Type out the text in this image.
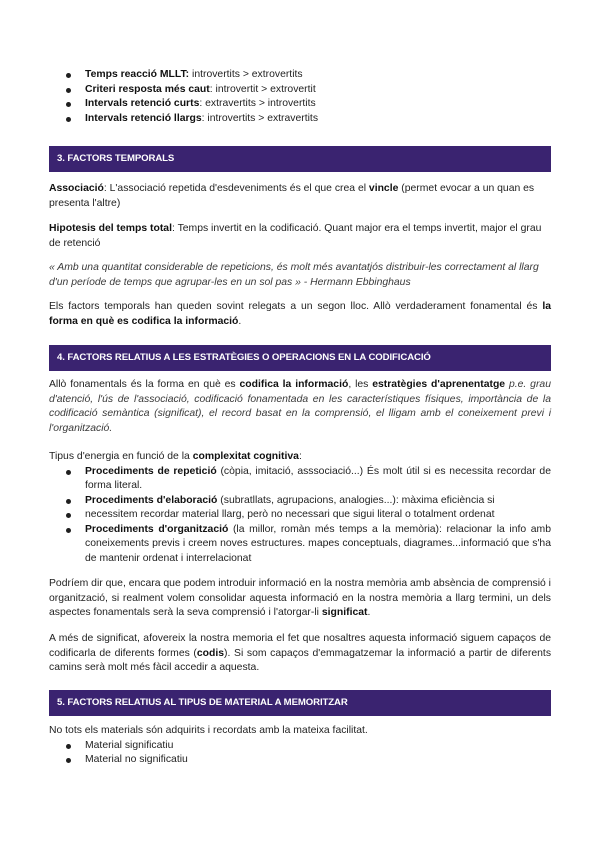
Temps reacció MLLT: introvertits > extrovertits
Criteri resposta més caut: introvertit > extrovertit
Intervals retenció curts: extravertits > introvertits
Intervals retenció llargs: introvertits > extravertits
3. FACTORS TEMPORALS

Associació: L'associació repetida d'esdeveniments és el que crea el vincle (permet evocar a un quan es presenta l'altre)

Hipotesis del temps total: Temps invertit en la codificació. Quant major era el temps invertit, major el grau de retenció

« Amb una quantitat considerable de repeticions, és molt més avantatjós distribuir-les correctament al llarg d'un període de temps que agrupar-les en un sol pas » - Hermann Ebbinghaus

Els factors temporals han queden sovint relegats a un segon lloc. Allò verdaderament fonamental és la forma en què es codifica la informació.

4. FACTORS RELATIUS A LES ESTRATÈGIES O OPERACIONS EN LA CODIFICACIÓ

Allò fonamentals és la forma en què es codifica la informació, les estratègies d'aprenentatge p.e. grau d'atenció, l'ús de l'associació, codificació fonamentada en les característiques físiques, importància de la codificació semàntica (significat), el record basat en la comprensió, el lligam amb el coneixement previ i l'organització.

Tipus d'energia en funció de la complexitat cognitiva:

Procediments de repetició (còpia, imitació, asssociació...) És molt útil si es necessita recordar de forma literal.
Procediments d'elaboració (subratllats, agrupacions, analogies...): màxima eficiència si
necessitem recordar material llarg, però no necessari que sigui literal o totalment ordenat
Procediments d'organització (la millor, romàn més temps a la memòria): relacionar la info amb coneixements previs i creem noves estructures. mapes conceptuals, diagrames...informació que s'ha de mantenir ordenat i interrelacionat

Podríem dir que, encara que podem introduir informació en la nostra memòria amb absència de comprensió i organització, si realment volem consolidar aquesta informació en la nostra memòria a llarg termini, un dels aspectes fonamentals serà la seva comprensió i l'atorgar-li significat.

A més de significat, afovereix la nostra memoria el fet que nosaltres aquesta informació siguem capaços de codificarla de diferents formes (codis). Si som capaços d'emmagatzemar la informació a partir de diferents camins serà molt més fàcil accedir a aquesta.

5. FACTORS RELATIUS AL TIPUS DE MATERIAL A MEMORITZAR

No tots els materials són adquirits i recordats amb la mateixa facilitat.

Material significatiu
Material no significatiu
